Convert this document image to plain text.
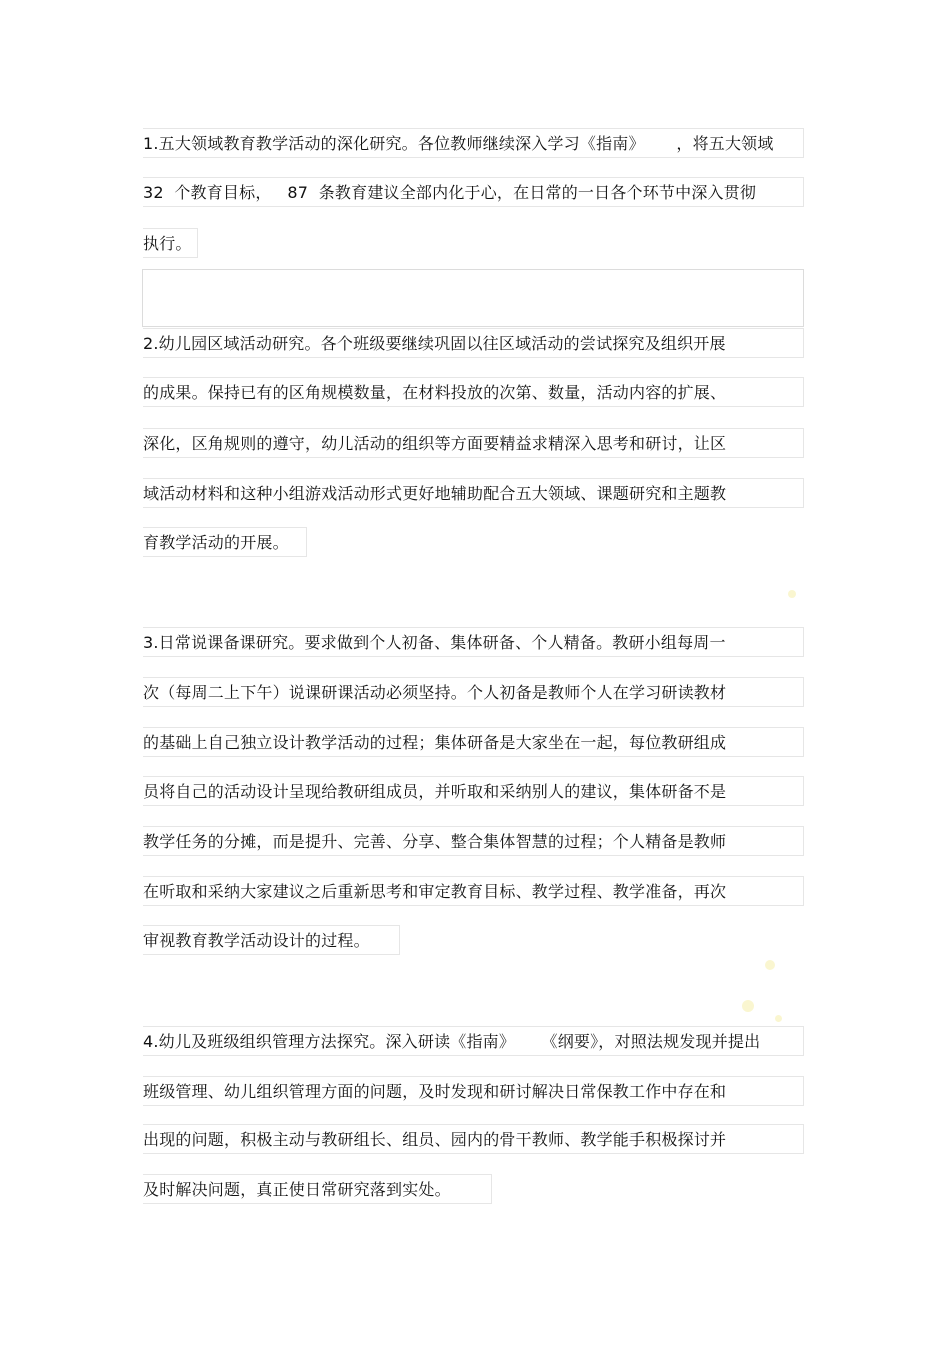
1.五大领域教育教学活动的深化研究。各位教师继续深入学习《指南》      ，将五大领域
32  个教育目标，   87  条教育建议全部内化于心，在日常的一日各个环节中深入贯彻
执行。
2.幼儿园区域活动研究。各个班级要继续巩固以往区域活动的尝试探究及组织开展
的成果。保持已有的区角规模数量，在材料投放的次第、数量，活动内容的扩展、
深化，区角规则的遵守，幼儿活动的组织等方面要精益求精深入思考和研讨，让区
域活动材料和这种小组游戏活动形式更好地辅助配合五大领域、课题研究和主题教
育教学活动的开展。
3.日常说课备课研究。要求做到个人初备、集体研备、个人精备。教研小组每周一
次（每周二上下午）说课研课活动必须坚持。个人初备是教师个人在学习研读教材
的基础上自己独立设计教学活动的过程；集体研备是大家坐在一起，每位教研组成
员将自己的活动设计呈现给教研组成员，并听取和采纳别人的建议，集体研备不是
教学任务的分摊，而是提升、完善、分享、整合集体智慧的过程；个人精备是教师
在听取和采纳大家建议之后重新思考和审定教育目标、教学过程、教学准备，再次
审视教育教学活动设计的过程。
4.幼儿及班级组织管理方法探究。深入研读《指南》     《纲要》，对照法规发现并提出
班级管理、幼儿组织管理方面的问题，及时发现和研讨解决日常保教工作中存在和
出现的问题，积极主动与教研组长、组员、园内的骨干教师、教学能手积极探讨并
及时解决问题，真正使日常研究落到实处。
